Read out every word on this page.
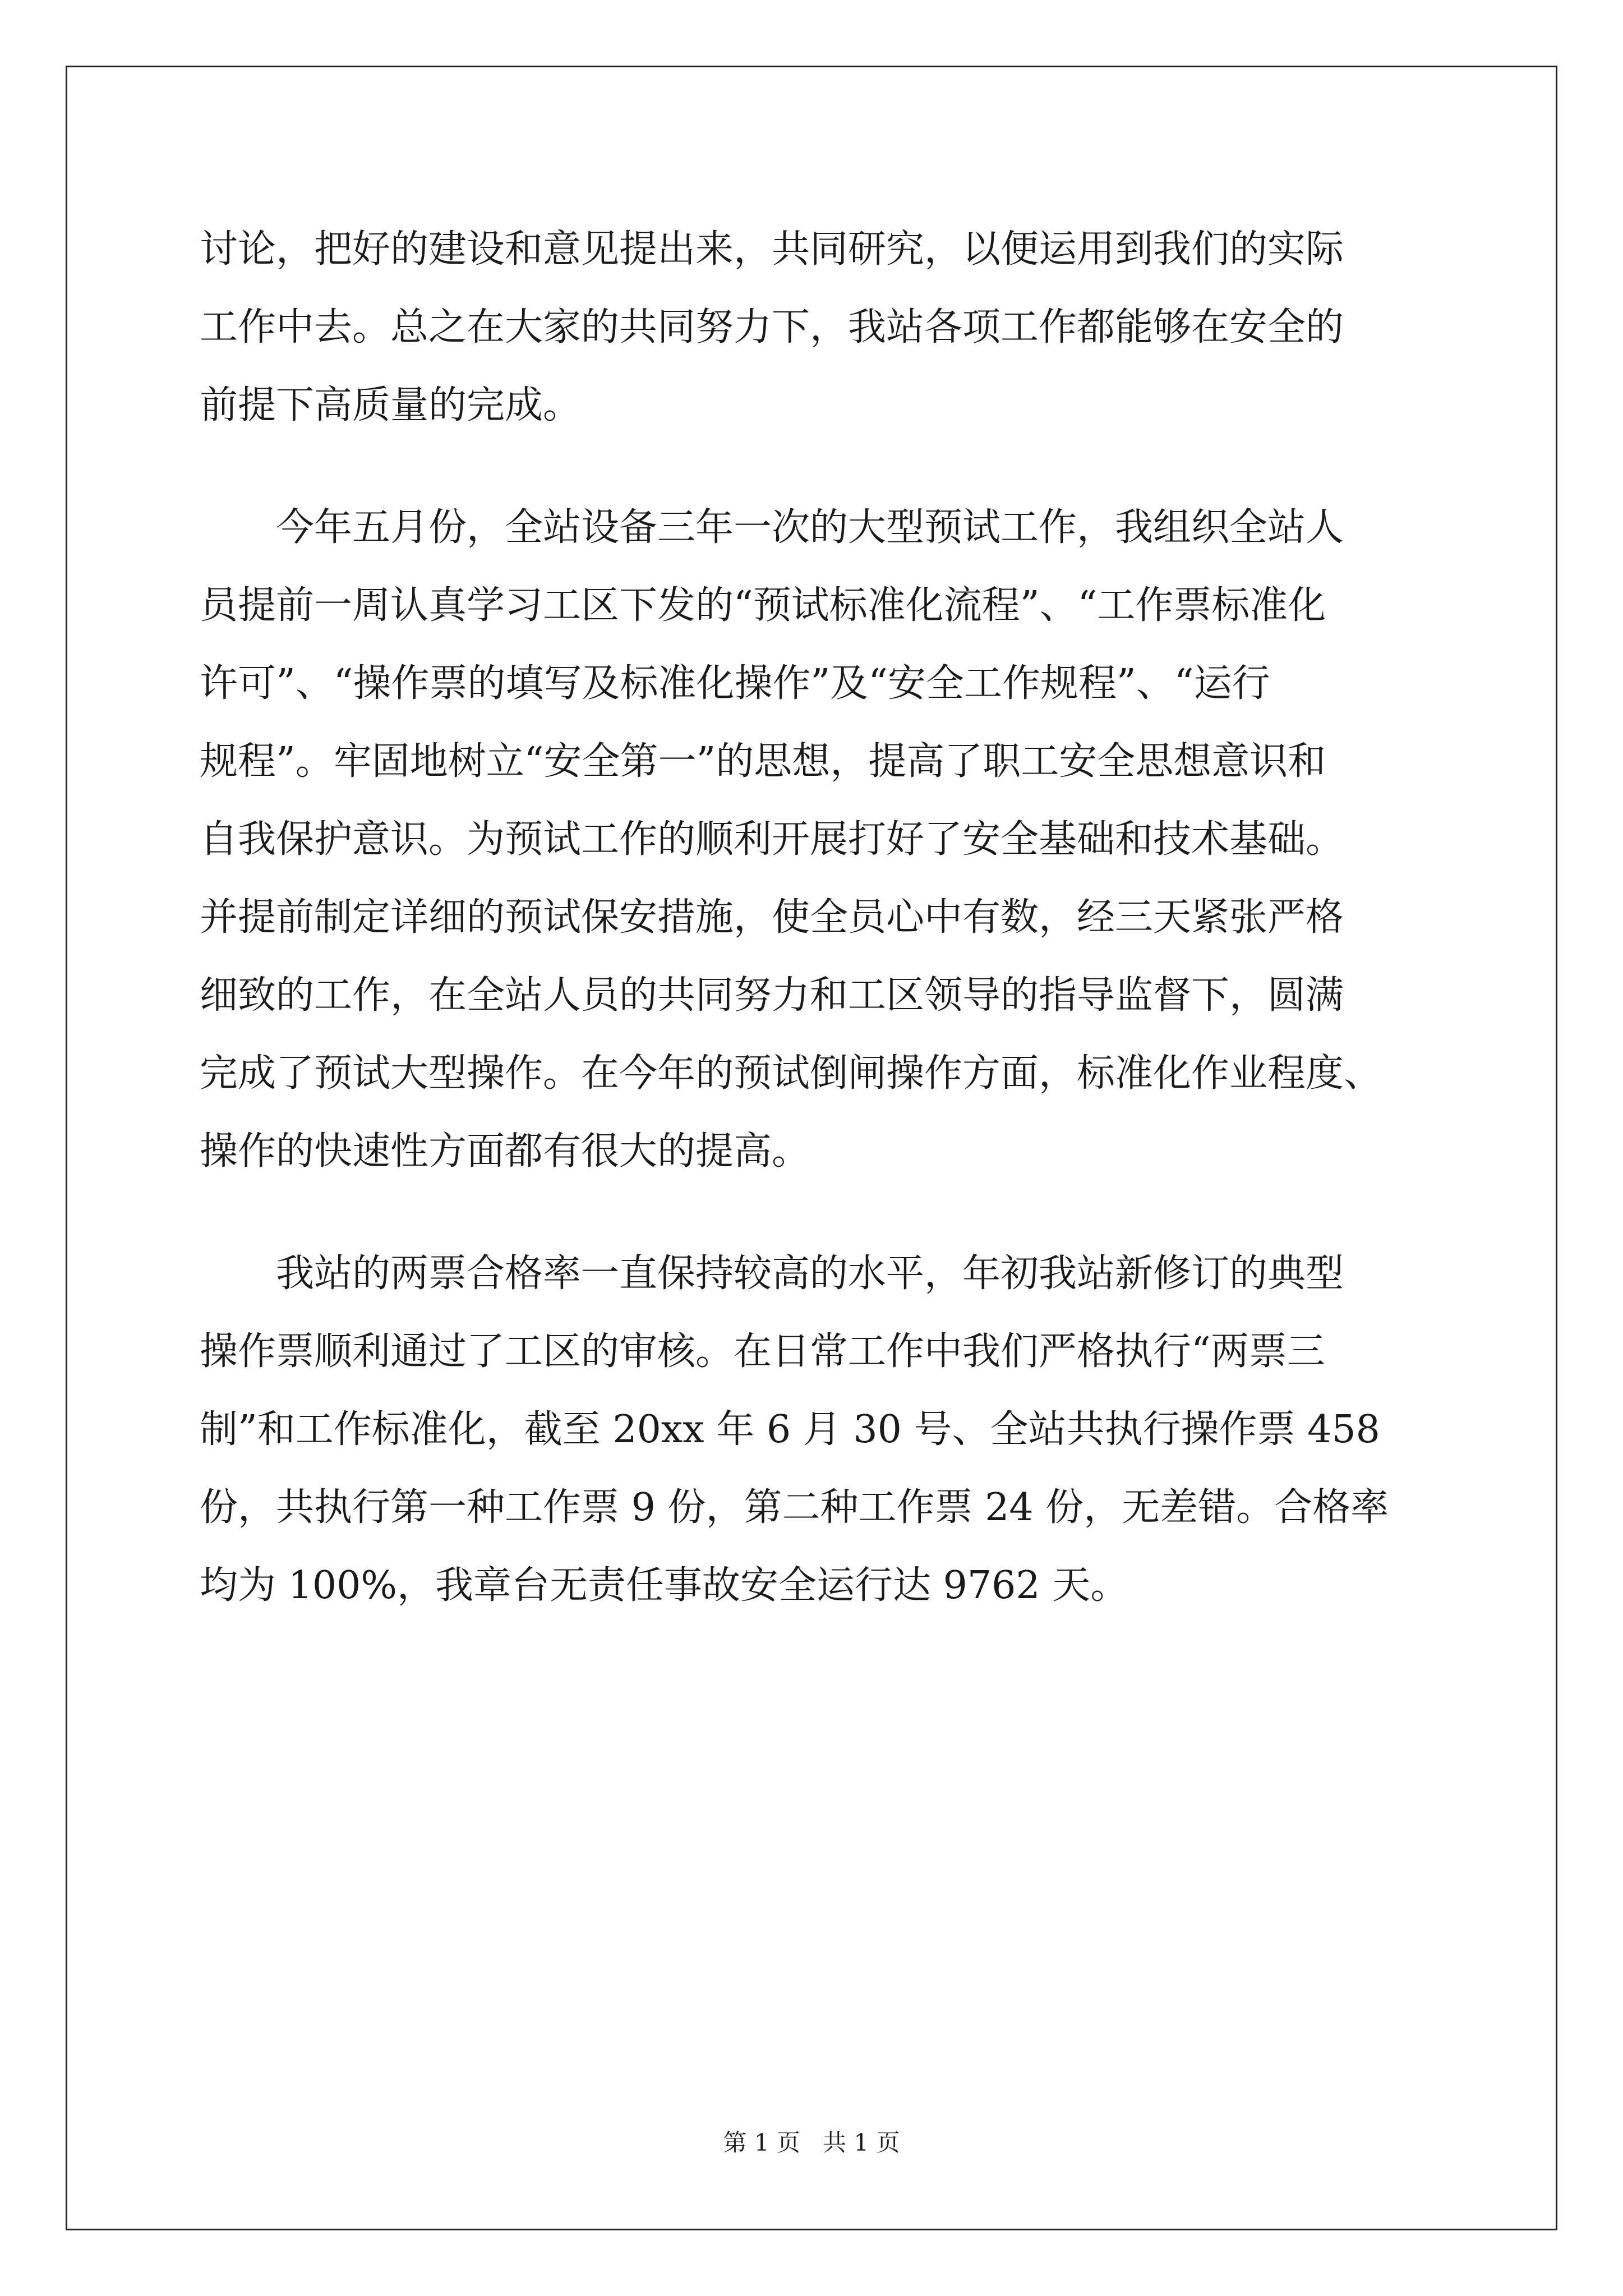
讨论，把好的建设和意见提出来，共同研究，以便运用到我们的实际
工作中去。总之在大家的共同努力下，我站各项工作都能够在安全的
前提下高质量的完成。
　　今年五月份，全站设备三年一次的大型预试工作，我组织全站人
员提前一周认真学习工区下发的“预试标准化流程”、“工作票标准化
许可”、“操作票的填写及标准化操作”及“安全工作规程”、“运行
规程”。牢固地树立“安全第一”的思想，提高了职工安全思想意识和
自我保护意识。为预试工作的顺利开展打好了安全基础和技术基础。
并提前制定详细的预试保安措施，使全员心中有数，经三天紧张严格
细致的工作，在全站人员的共同努力和工区领导的指导监督下，圆满
完成了预试大型操作。在今年的预试倒闸操作方面，标准化作业程度、
操作的快速性方面都有很大的提高。
　　我站的两票合格率一直保持较高的水平，年初我站新修订的典型
操作票顺利通过了工区的审核。在日常工作中我们严格执行“两票三
制”和工作标准化，截至 20xx 年 6 月 30 号、全站共执行操作票 458
份，共执行第一种工作票 9 份，第二种工作票 24 份，无差错。合格率
均为 100%，我章台无责任事故安全运行达 9762 天。
第 1 页   共 1 页
